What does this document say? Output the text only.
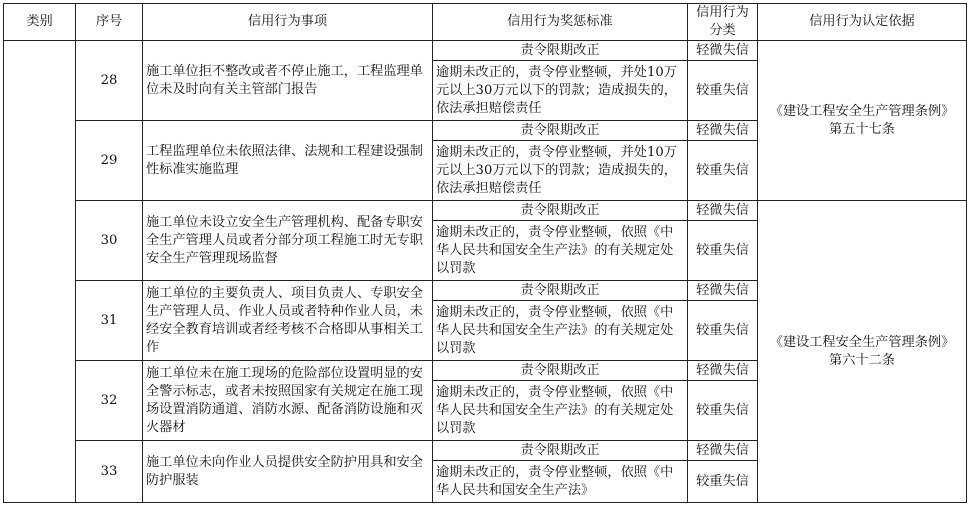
类别	序号	信用行为事项	信用行为奖惩标准	信用行为分类	信用行为认定依据
	28	施工单位拒不整改或者不停止施工，工程监理单位未及时向有关主管部门报告	责令限期改正	轻微失信	《建设工程安全生产管理条例》第五十七条
			逾期未改正的，责令停业整顿，并处10万元以上30万元以下的罚款；造成损失的，依法承担赔偿责任	较重失信	
	29	工程监理单位未依照法律、法规和工程建设强制性标准实施监理	责令限期改正	轻微失信	
			逾期未改正的，责令停业整顿，并处10万元以上30万元以下的罚款；造成损失的，依法承担赔偿责任	较重失信	
	30	施工单位未设立安全生产管理机构、配备专职安全生产管理人员或者分部分项工程施工时无专职安全生产管理现场监督	责令限期改正	轻微失信	《建设工程安全生产管理条例》第六十二条
			逾期未改正的，责令停业整顿，依照《中华人民共和国安全生产法》的有关规定处以罚款	较重失信	
	31	施工单位的主要负责人、项目负责人、专职安全生产管理人员、作业人员或者特种作业人员，未经安全教育培训或者经考核不合格即从事相关工作	责令限期改正	轻微失信	
			逾期未改正的，责令停业整顿，依照《中华人民共和国安全生产法》的有关规定处以罚款	较重失信	
	32	施工单位未在施工现场的危险部位设置明显的安全警示标志，或者未按照国家有关规定在施工现场设置消防通道、消防水源、配备消防设施和灭火器材	责令限期改正	轻微失信	
			逾期未改正的，责令停业整顿，依照《中华人民共和国安全生产法》的有关规定处以罚款	较重失信	
	33	施工单位未向作业人员提供安全防护用具和安全防护服装	责令限期改正	轻微失信	
			逾期未改正的，责令停业整顿，依照《中华人民共和国安全生产法》	较重失信	
